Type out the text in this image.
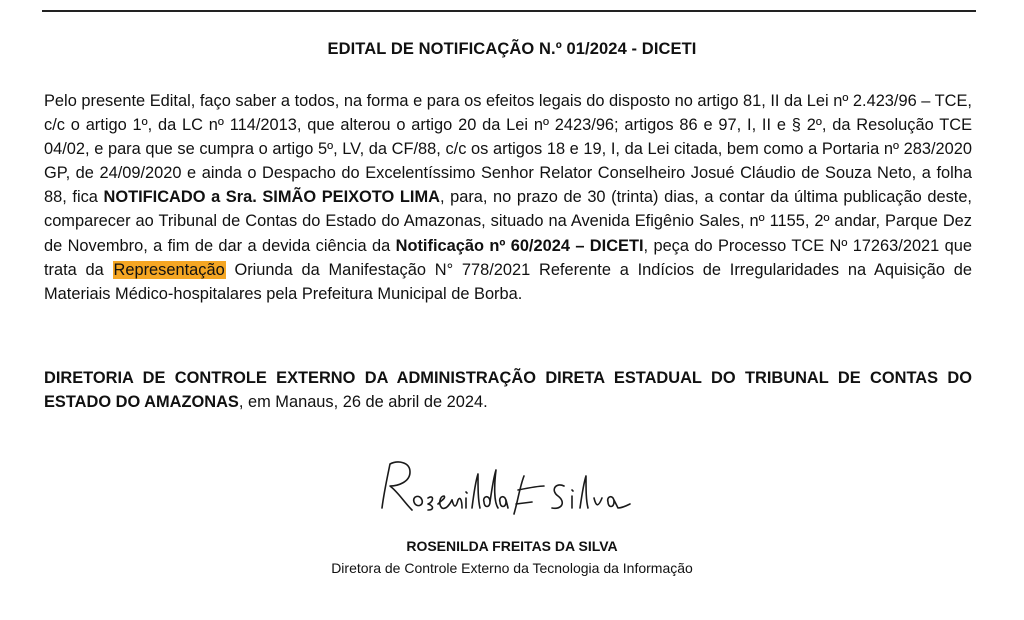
EDITAL DE NOTIFICAÇÃO N.º 01/2024 - DICETI
Pelo presente Edital, faço saber a todos, na forma e para os efeitos legais do disposto no artigo 81, II da Lei nº 2.423/96 – TCE, c/c o artigo 1º, da LC nº 114/2013, que alterou o artigo 20 da Lei nº 2423/96; artigos 86 e 97, I, II e § 2º, da Resolução TCE 04/02, e para que se cumpra o artigo 5º, LV, da CF/88, c/c os artigos 18 e 19, I, da Lei citada, bem como a Portaria nº 283/2020 GP, de 24/09/2020 e ainda o Despacho do Excelentíssimo Senhor Relator Conselheiro Josué Cláudio de Souza Neto, a folha 88, fica NOTIFICADO a Sra. SIMÃO PEIXOTO LIMA, para, no prazo de 30 (trinta) dias, a contar da última publicação deste, comparecer ao Tribunal de Contas do Estado do Amazonas, situado na Avenida Efigênio Sales, nº 1155, 2º andar, Parque Dez de Novembro, a fim de dar a devida ciência da Notificação nº 60/2024 – DICETI, peça do Processo TCE Nº 17263/2021 que trata da Representação Oriunda da Manifestação N° 778/2021 Referente a Indícios de Irregularidades na Aquisição de Materiais Médico-hospitalares pela Prefeitura Municipal de Borba.
DIRETORIA DE CONTROLE EXTERNO DA ADMINISTRAÇÃO DIRETA ESTADUAL DO TRIBUNAL DE CONTAS DO ESTADO DO AMAZONAS, em Manaus, 26 de abril de 2024.
ROSENILDA FREITAS DA SILVA
Diretora de Controle Externo da Tecnologia da Informação
